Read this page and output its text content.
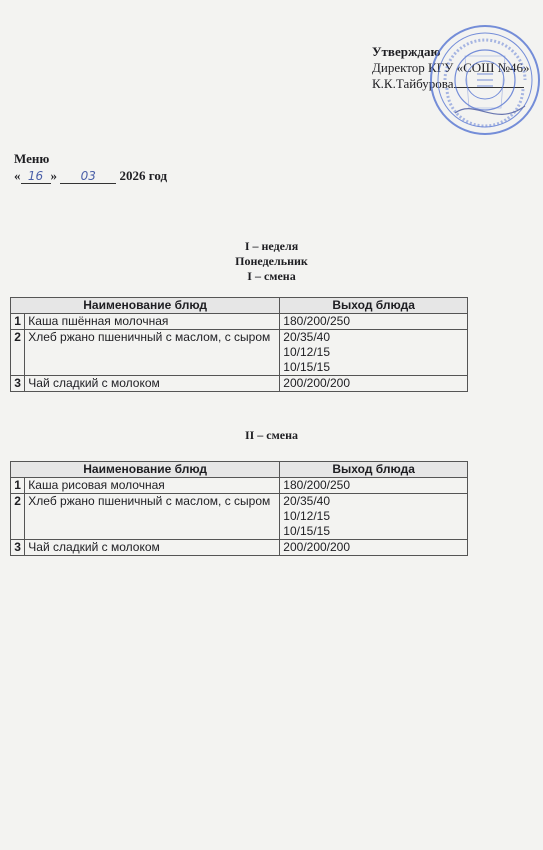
Утверждаю
Директор КГУ «СОШ №46»
К.К.Тайбурова
Меню
« 16 » 03 2026 год
I – неделя
Понедельник
I – смена
Наименование блюд		Выход блюда
1	Каша пшённая молочная	180/200/250
2	Хлеб ржано пшеничный с маслом, с сыром	20/35/40
10/12/15
10/15/15

3	Чай сладкий с молоком	200/200/200
II – смена
Наименование блюд		Выход блюда
1	Каша рисовая молочная	180/200/250
2	Хлеб ржано пшеничный с маслом, с сыром	20/35/40
10/12/15
10/15/15

3	Чай сладкий с молоком	200/200/200
